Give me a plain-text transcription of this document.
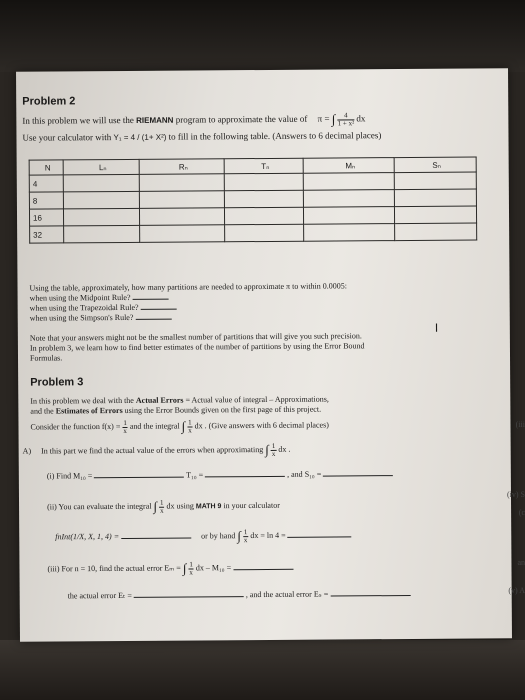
Problem 2
In this problem we will use the RIEMANN program to approximate the value of π = ∫ $\frac{4}{\text{1 + x²}}$ dx
Use your calculator with Y₁ = 4 / (1+ X²) to fill in the following table. (Answers to 6 decimal places)
N	Lₙ	Rₙ	Tₙ	Mₙ	Sₙ
4					
8					
16					
32					
Using the table, approximately, how many partitions are needed to approximate π to within 0.0005:
when using the Midpoint Rule?
when using the Trapezoidal Rule?
when using the Simpson's Rule?
I
Note that your answers might not be the smallest number of partitions that will give you such precision.
In problem 3, we learn how to find better estimates of the number of partitions by using the Error Bound
Formulas.
Problem 3
In this problem we deal with the Actual Errors = Actual value of integral – Approximations,
and the Estimates of Errors using the Error Bounds given on the first page of this project.
Consider the function $f(x) = \frac{1}{x}$ and the integral ∫ $\frac{1}{x}$ dx . (Give answers with 6 decimal places)
A) In this part we find the actual value of the errors when approximating ∫ $\frac{1}{x}$ dx .
(i) Find M₁₀ =	T₁₀ =	, and S₁₀ =
(ii) You can evaluate the integral ∫ $\frac{1}{x}$ dx using MATH 9 in your calculator
fnInt(1/X, X, 1, 4) =	or by hand ∫ $\frac{1}{x}$ dx = ln 4 =
(iii) For n = 10, find the actual error Eₘ = ∫ $\frac{1}{x}$ dx – M₁₀ =
the actual error Eₜ =	, and the actual error Eₛ =
(iii
(iv) S
(c
an
(v) A
